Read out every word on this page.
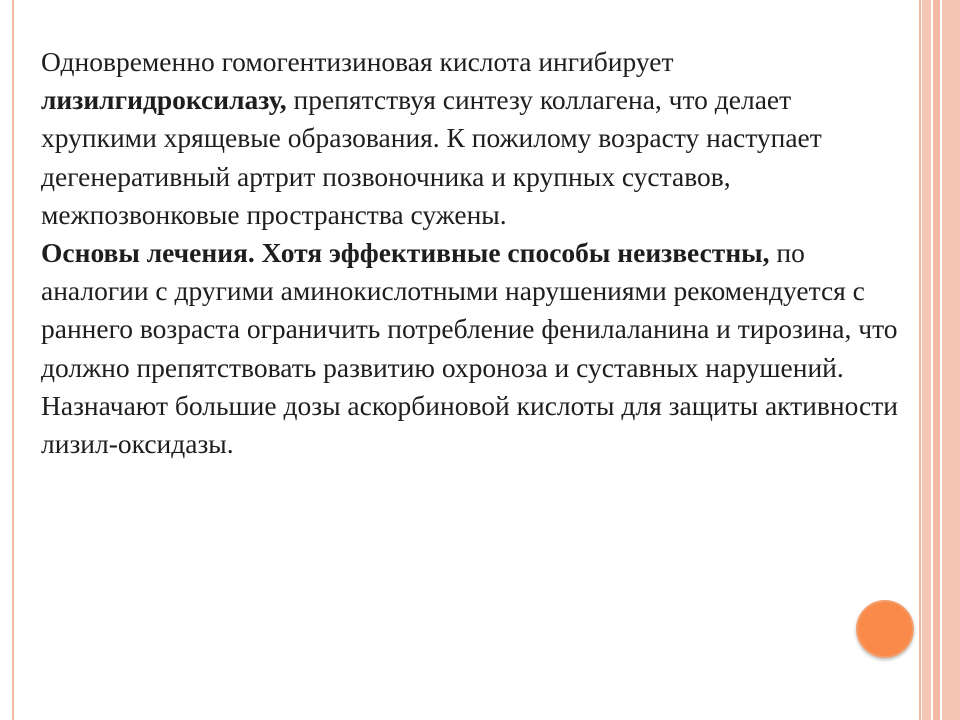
Одновременно гомогентизиновая кислота ингибирует лизилгидроксилазу, препятствуя синтезу коллагена, что делает хрупкими хрящевые образования. К пожилому возрасту наступает дегенеративный артрит позвоночника и крупных суставов, межпозвонковые пространства сужены.

Основы лечения. Хотя эффективные способы неизвестны, по аналогии с другими аминокислотными нарушениями рекомендуется с раннего возраста ограничить потребление фенилаланина и тирозина, что должно препятствовать развитию охроноза и суставных нарушений.

Назначают большие дозы аскорбиновой кислоты для защиты активности лизил-оксидазы.
